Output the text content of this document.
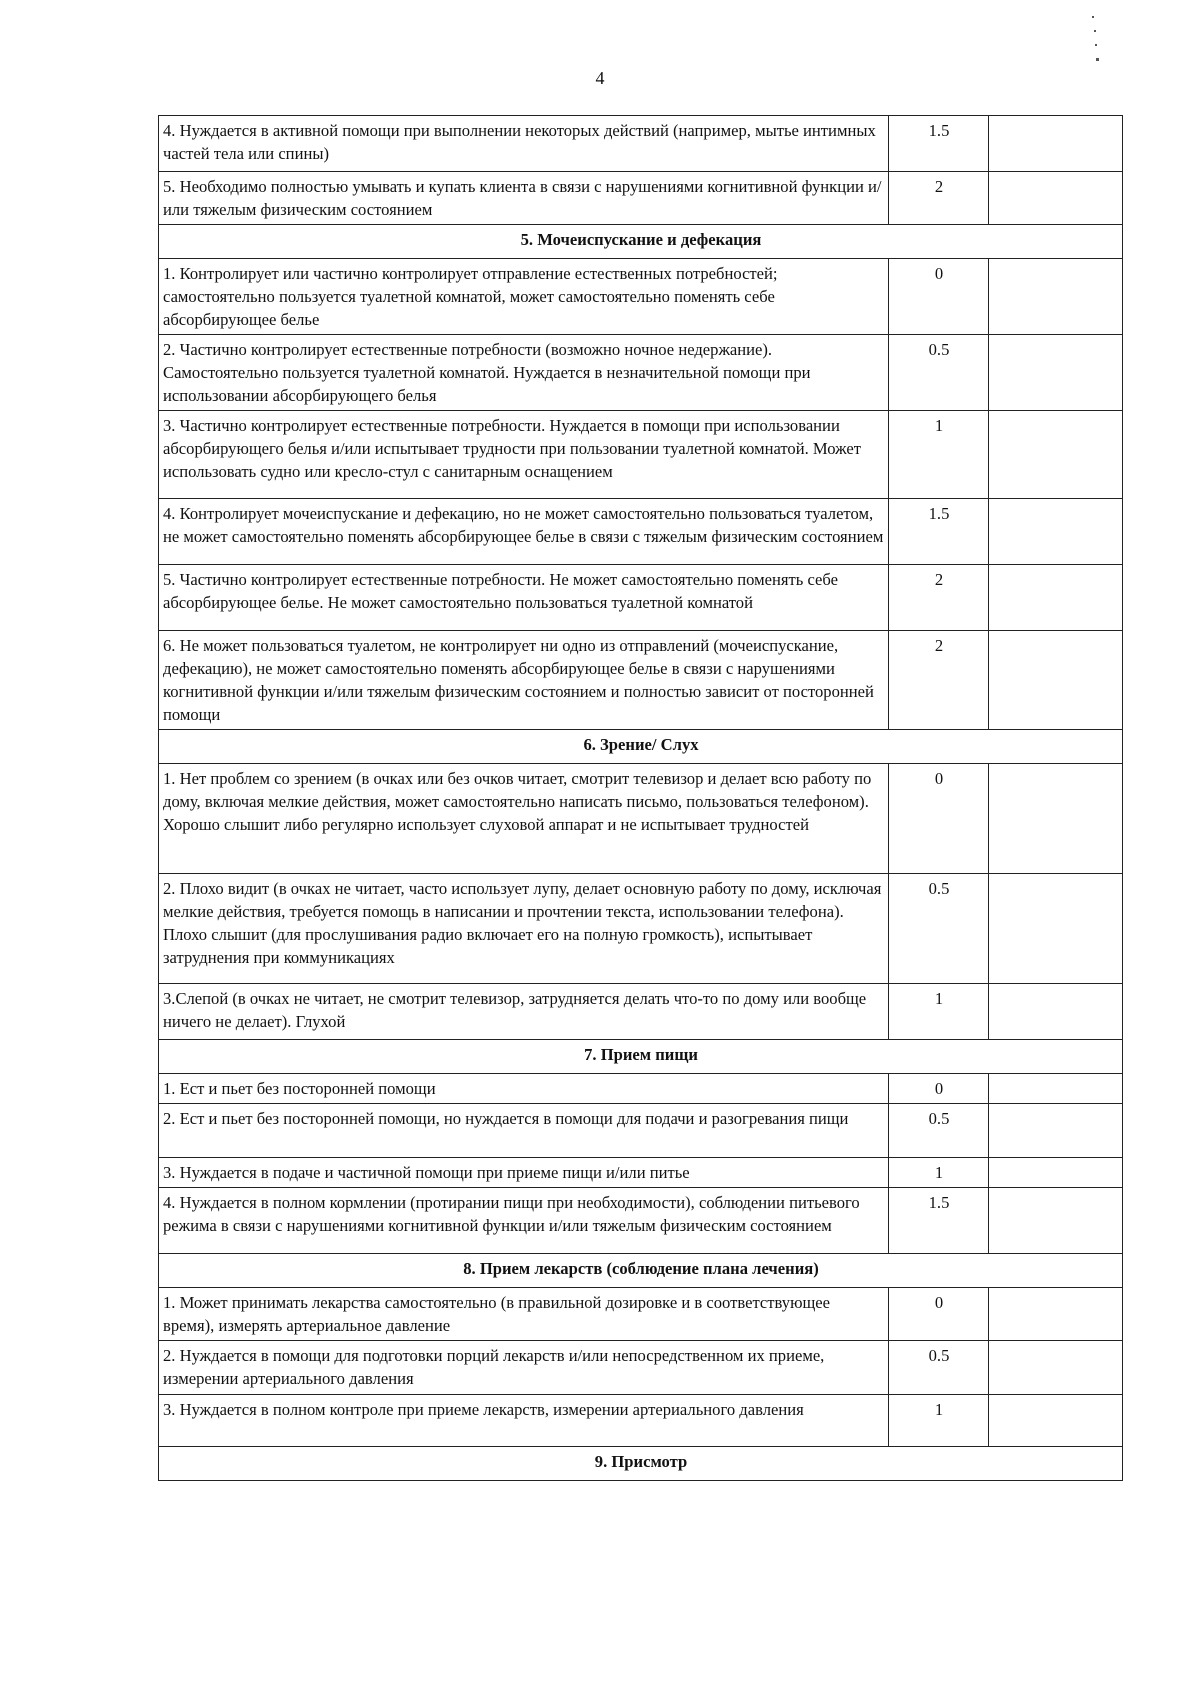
4
4. Нуждается в активной помощи при выполнении некоторых действий (например, мытье интимных частей тела или спины)	1.5	
5. Необходимо полностью умывать и купать клиента в связи с нарушениями когнитивной функции и/или тяжелым физическим состоянием	2	
5. Мочеиспускание и дефекация		
1. Контролирует или частично контролирует отправление естественных потребностей; самостоятельно пользуется туалетной комнатой, может самостоятельно поменять себе абсорбирующее белье	0	
2. Частично контролирует естественные потребности (возможно ночное недержание). Самостоятельно пользуется туалетной комнатой. Нуждается в незначительной помощи при использовании абсорбирующего белья	0.5	
3. Частично контролирует естественные потребности. Нуждается в помощи при использовании абсорбирующего белья и/или испытывает трудности при пользовании туалетной комнатой. Может использовать судно или кресло-стул с санитарным оснащением	1	
4. Контролирует мочеиспускание и дефекацию, но не может самостоятельно пользоваться туалетом, не может самостоятельно поменять абсорбирующее белье в связи с тяжелым физическим состоянием	1.5	
5. Частично контролирует естественные потребности. Не может самостоятельно поменять себе абсорбирующее белье. Не может самостоятельно пользоваться туалетной комнатой	2	
6. Не может пользоваться туалетом, не контролирует ни одно из отправлений (мочеиспускание, дефекацию), не может самостоятельно поменять абсорбирующее белье в связи с нарушениями когнитивной функции и/или тяжелым физическим состоянием и полностью зависит от посторонней помощи	2	
6. Зрение/ Слух		
1. Нет проблем со зрением (в очках или без очков читает, смотрит телевизор и делает всю работу по дому, включая мелкие действия, может самостоятельно написать письмо, пользоваться телефоном).
Хорошо слышит либо регулярно использует слуховой аппарат и не испытывает трудностей	0	
2. Плохо видит (в очках не читает, часто использует лупу, делает основную работу по дому, исключая мелкие действия, требуется помощь в написании и прочтении текста, использовании телефона).
Плохо слышит (для прослушивания радио включает его на полную громкость), испытывает затруднения при коммуникациях	0.5	
3.Слепой (в очках не читает, не смотрит телевизор, затрудняется делать что-то по дому или вообще ничего не делает). Глухой	1	
7. Прием пищи		
1. Ест и пьет без посторонней помощи	0	
2. Ест и пьет без посторонней помощи, но нуждается в помощи для подачи и разогревания пищи	0.5	
3. Нуждается в подаче и частичной помощи при приеме пищи и/или питье	1	
4. Нуждается в полном кормлении (протирании пищи при необходимости), соблюдении питьевого режима в связи с нарушениями когнитивной функции и/или тяжелым физическим состоянием	1.5	
8. Прием лекарств (соблюдение плана лечения)		
1. Может принимать лекарства самостоятельно (в правильной дозировке и в соответствующее время), измерять артериальное давление	0	
2. Нуждается в помощи для подготовки порций лекарств и/или непосредственном их приеме, измерении артериального давления	0.5	
3. Нуждается в полном контроле при приеме лекарств, измерении артериального давления	1	
9. Присмотр		
